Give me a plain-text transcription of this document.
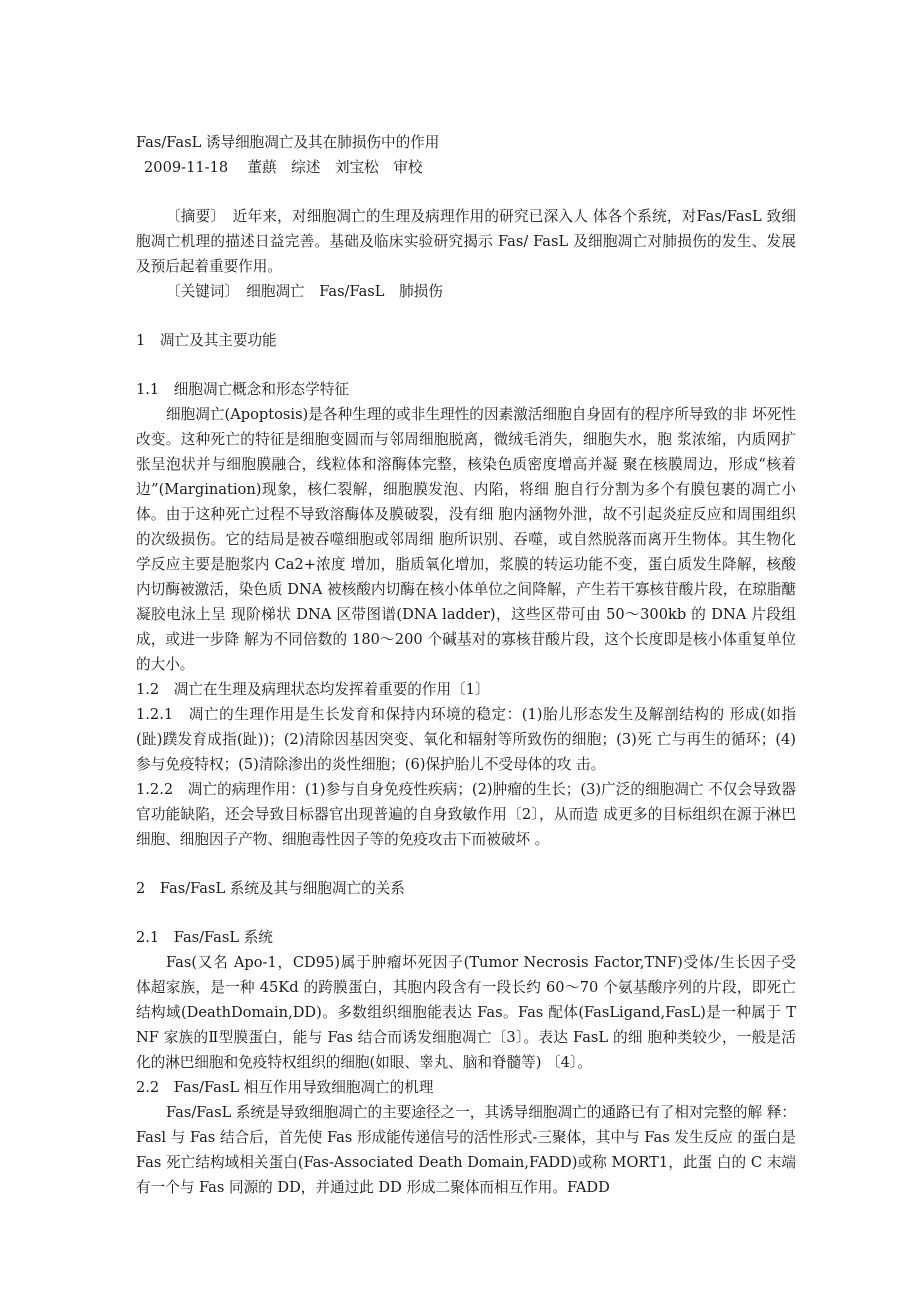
Fas/FasL 诱导细胞凋亡及其在肺损伤中的作用
2009-11-18　 董蕻　综述　刘宝松　审校
〔摘要〕　近年来，对细胞凋亡的生理及病理作用的研究已深入人 体各个系统，对Fas/FasL 致细胞凋亡机理的描述日益完善。基础及临床实验研究揭示 Fas/ FasL 及细胞凋亡对肺损伤的发生、发展及预后起着重要作用。
〔关键词〕　细胞凋亡　Fas/FasL　肺损伤
1　凋亡及其主要功能
1.1　细胞凋亡概念和形态学特征
细胞凋亡(Apoptosis)是各种生理的或非生理性的因素激活细胞自身固有的程序所导致的非 坏死性改变。这种死亡的特征是细胞变圆而与邻周细胞脱离，微绒毛消失，细胞失水，胞 浆浓缩，内质网扩张呈泡状并与细胞膜融合，线粒体和溶酶体完整，核染色质密度增高并凝 聚在核膜周边，形成“核着边”(Margination)现象，核仁裂解，细胞膜发泡、内陷，将细 胞自行分割为多个有膜包裹的凋亡小体。由于这种死亡过程不导致溶酶体及膜破裂，没有细 胞内涵物外泄，故不引起炎症反应和周围组织的次级损伤。它的结局是被吞噬细胞或邻周细 胞所识别、吞噬，或自然脱落而离开生物体。其生物化学反应主要是胞浆内 Ca2+浓度 增加，脂质氧化增加，浆膜的转运功能不变，蛋白质发生降解，核酸内切酶被激活，染色质 DNA 被核酸内切酶在核小体单位之间降解，产生若干寡核苷酸片段，在琼脂醣凝胶电泳上呈 现阶梯状 DNA 区带图谱(DNA ladder)，这些区带可由 50～300kb 的 DNA 片段组成，或进一步降 解为不同倍数的 180～200 个碱基对的寡核苷酸片段，这个长度即是核小体重复单位的大小。
1.2　凋亡在生理及病理状态均发挥着重要的作用〔1〕
1.2.1　凋亡的生理作用是生长发育和保持内环境的稳定：(1)胎儿形态发生及解剖结构的 形成(如指(趾)蹼发育成指(趾))；(2)清除因基因突变、氧化和辐射等所致伤的细胞；(3)死 亡与再生的循环；(4)参与免疫特权；(5)清除渗出的炎性细胞；(6)保护胎儿不受母体的攻 击。
1.2.2　凋亡的病理作用：(1)参与自身免疫性疾病；(2)肿瘤的生长；(3)广泛的细胞凋亡 不仅会导致器官功能缺陷，还会导致目标器官出现普遍的自身致敏作用〔2〕，从而造 成更多的目标组织在源于淋巴细胞、细胞因子产物、细胞毒性因子等的免疫攻击下而被破坏 。
2　Fas/FasL 系统及其与细胞凋亡的关系
2.1　Fas/FasL 系统
Fas(又名 Apo-1，CD95)属于肿瘤坏死因子(Tumor Necrosis Factor,TNF)受体/生长因子受 体超家族，是一种 45Kd 的跨膜蛋白，其胞内段含有一段长约 60～70 个氨基酸序列的片段，即死亡结构域(DeathDomain,DD)。多数组织细胞能表达 Fas。Fas 配体(FasLigand,FasL)是一种属于 TNF 家族的Ⅱ型膜蛋白，能与 Fas 结合而诱发细胞凋亡〔3〕。表达 FasL 的细 胞种类较少，一般是活化的淋巴细胞和免疫特权组织的细胞(如眼、睾丸、脑和脊髓等) 〔4〕。
2.2　Fas/FasL 相互作用导致细胞凋亡的机理
Fas/FasL 系统是导致细胞凋亡的主要途径之一，其诱导细胞凋亡的通路已有了相对完整的解 释：Fasl 与 Fas 结合后，首先使 Fas 形成能传递信号的活性形式-三聚体，其中与 Fas 发生反应 的蛋白是 Fas 死亡结构域相关蛋白(Fas-Associated Death Domain,FADD)或称 MORT1，此蛋 白的 C 末端有一个与 Fas 同源的 DD，并通过此 DD 形成二聚体而相互作用。FADD
